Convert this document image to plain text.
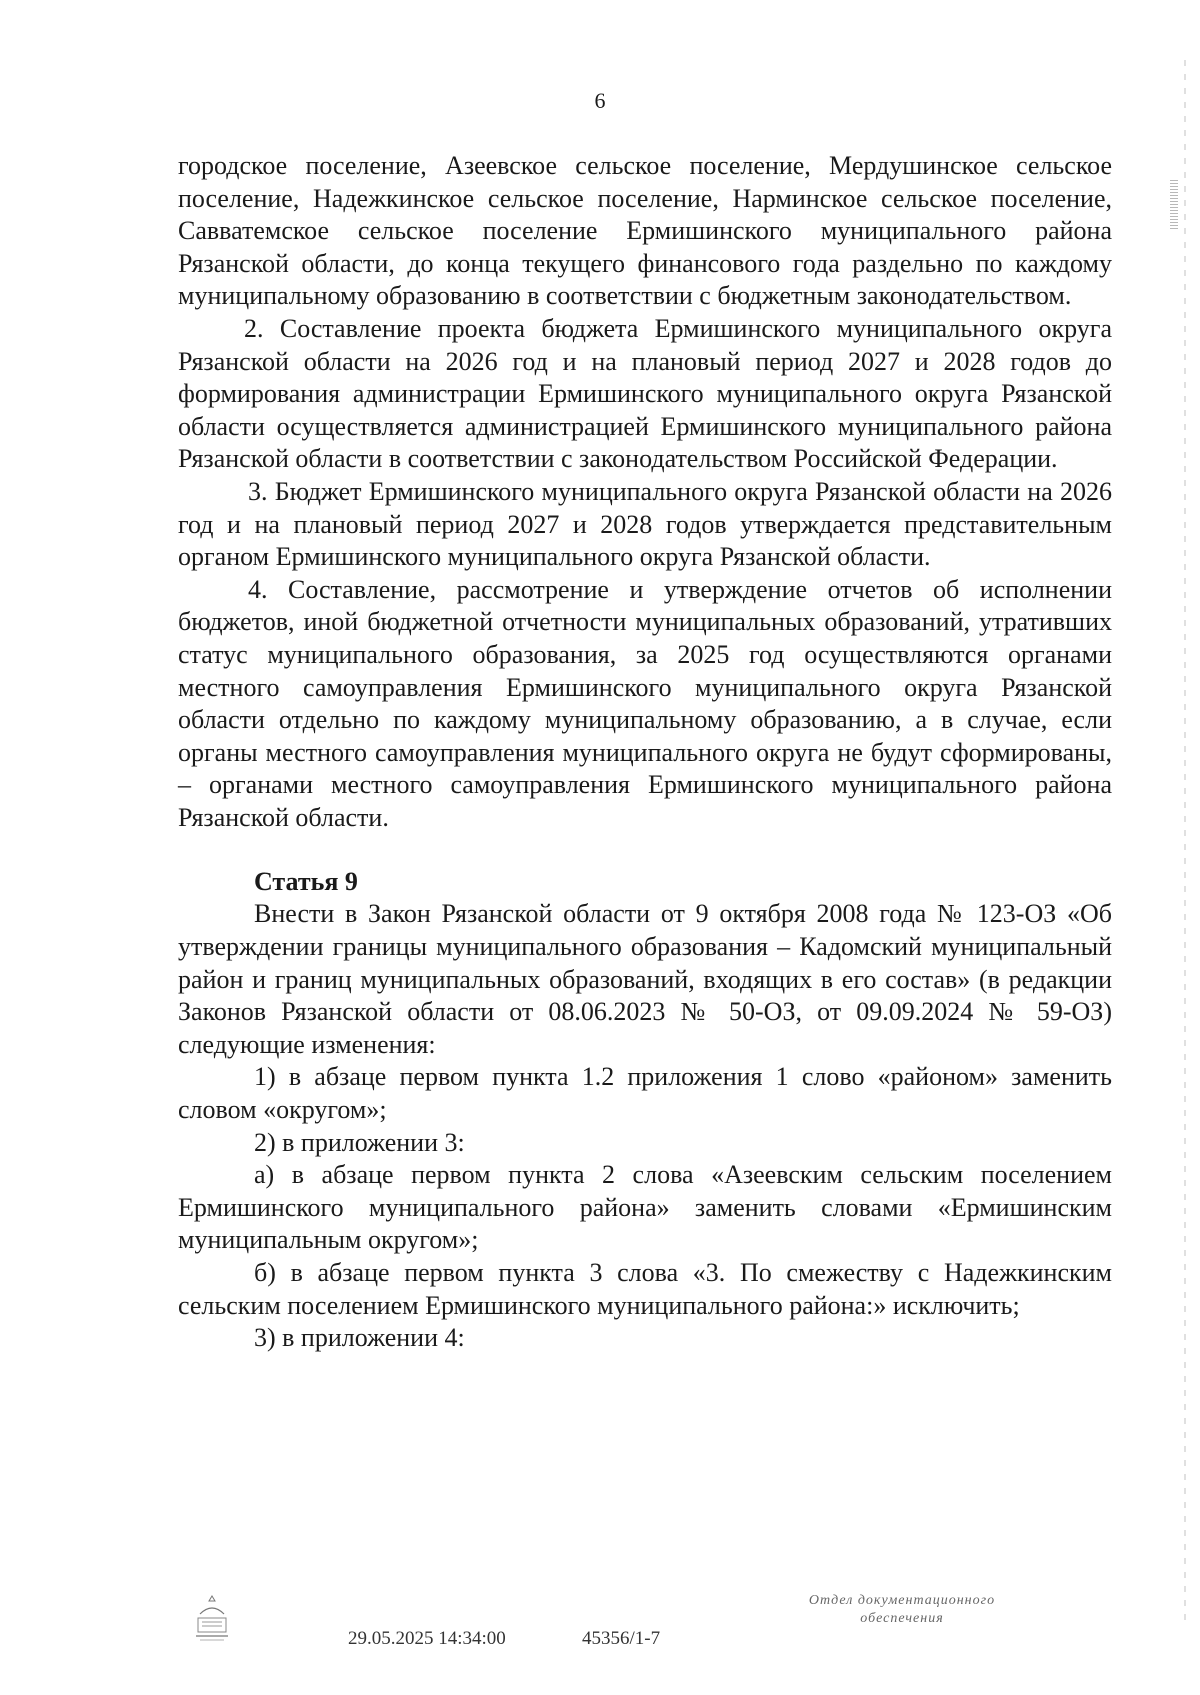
6

городское поселение, Азеевское сельское поселение, Мердушинское сельское поселение, Надежкинское сельское поселение, Нарминское сельское поселение, Савватемское сельское поселение Ермишинского муниципального района Рязанской области, до конца текущего финансового года раздельно по каждому муниципальному образованию в соответствии с бюджетным законодательством.

2. Составление проекта бюджета Ермишинского муниципального округа Рязанской области на 2026 год и на плановый период 2027 и 2028 годов до формирования администрации Ермишинского муниципального округа Рязанской области осуществляется администрацией Ермишинского муниципального района Рязанской области в соответствии с законодательством Российской Федерации.

3. Бюджет Ермишинского муниципального округа Рязанской области на 2026 год и на плановый период 2027 и 2028 годов утверждается представительным органом Ермишинского муниципального округа Рязанской области.

4. Составление, рассмотрение и утверждение отчетов об исполнении бюджетов, иной бюджетной отчетности муниципальных образований, утративших статус муниципального образования, за 2025 год осуществляются органами местного самоуправления Ермишинского муниципального округа Рязанской области отдельно по каждому муниципальному образованию, а в случае, если органы местного самоуправления муниципального округа не будут сформированы, – органами местного самоуправления Ермишинского муниципального района Рязанской области.

Статья 9

Внести в Закон Рязанской области от 9 октября 2008 года № 123-ОЗ «Об утверждении границы муниципального образования – Кадомский муниципальный район и границ муниципальных образований, входящих в его состав» (в редакции Законов Рязанской области от 08.06.2023 № 50-ОЗ, от 09.09.2024 № 59-ОЗ) следующие изменения:

1) в абзаце первом пункта 1.2 приложения 1 слово «районом» заменить словом «округом»;

2) в приложении 3:

а) в абзаце первом пункта 2 слова «Азеевским сельским поселением Ермишинского муниципального района» заменить словами «Ермишинским муниципальным округом»;

б) в абзаце первом пункта 3 слова «3. По смежеству с Надежкинским сельским поселением Ермишинского муниципального района:» исключить;

3) в приложении 4:

29.05.2025 14:34:00	45356/1-7
Отдел документационного
обеспечения
